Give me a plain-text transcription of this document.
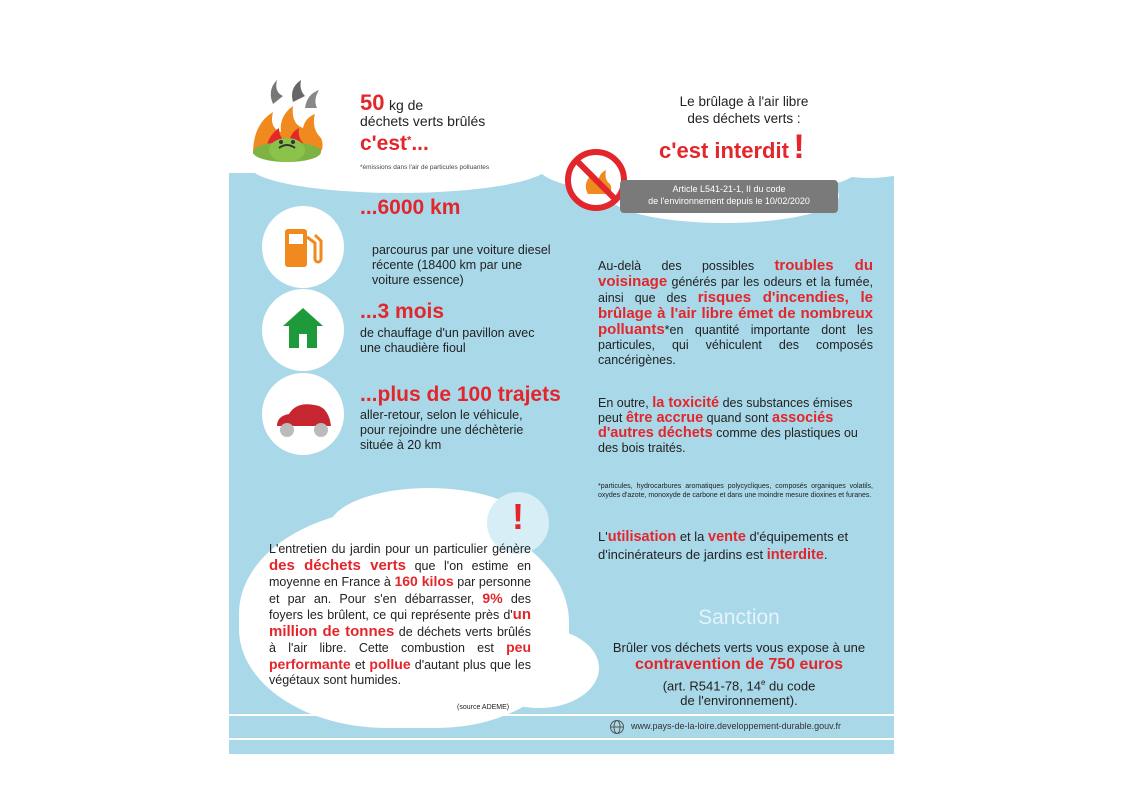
50 kg de
déchets verts brûlés
c'est*...
*émissions dans l'air de particules polluantes
Le brûlage à l'air libre
des déchets verts :
c'est interdit !
Article L541-21-1, II du code
de l'environnement depuis le 10/02/2020
...6000 km
parcourus par une voiture diesel récente (18400 km par une voiture essence)
...3 mois
de chauffage d'un pavillon avec une chaudière fioul
...plus de 100 trajets
aller-retour, selon le véhicule, pour rejoindre une déchèterie située à 20 km
Au-delà des possibles troubles du voisinage générés par les odeurs et la fumée, ainsi que des risques d'incendies, le brûlage à l'air libre émet de nombreux polluants*en quantité importante dont les particules, qui véhiculent des composés cancérigènes.
En outre, la toxicité des substances émises peut être accrue quand sont associés d'autres déchets comme des plastiques ou des bois traités.
*particules, hydrocarbures aromatiques polycycliques, composés organiques volatils, oxydes d'azote, monoxyde de carbone et dans une moindre mesure dioxines et furanes.
L'utilisation et la vente d'équipements et d'incinérateurs de jardins est interdite.
!
L'entretien du jardin pour un particulier génère des déchets verts que l'on estime en moyenne en France à 160 kilos par personne et par an. Pour s'en débarrasser, 9% des foyers les brûlent, ce qui représente près d'un million de tonnes de déchets verts brûlés à l'air libre. Cette combustion est peu performante et pollue d'autant plus que les végétaux sont humides.
(source ADEME)
Sanction
Brûler vos déchets verts vous expose à une
contravention de 750 euros
(art. R541-78, 14e du code
de l'environnement).
www.pays-de-la-loire.developpement-durable.gouv.fr
